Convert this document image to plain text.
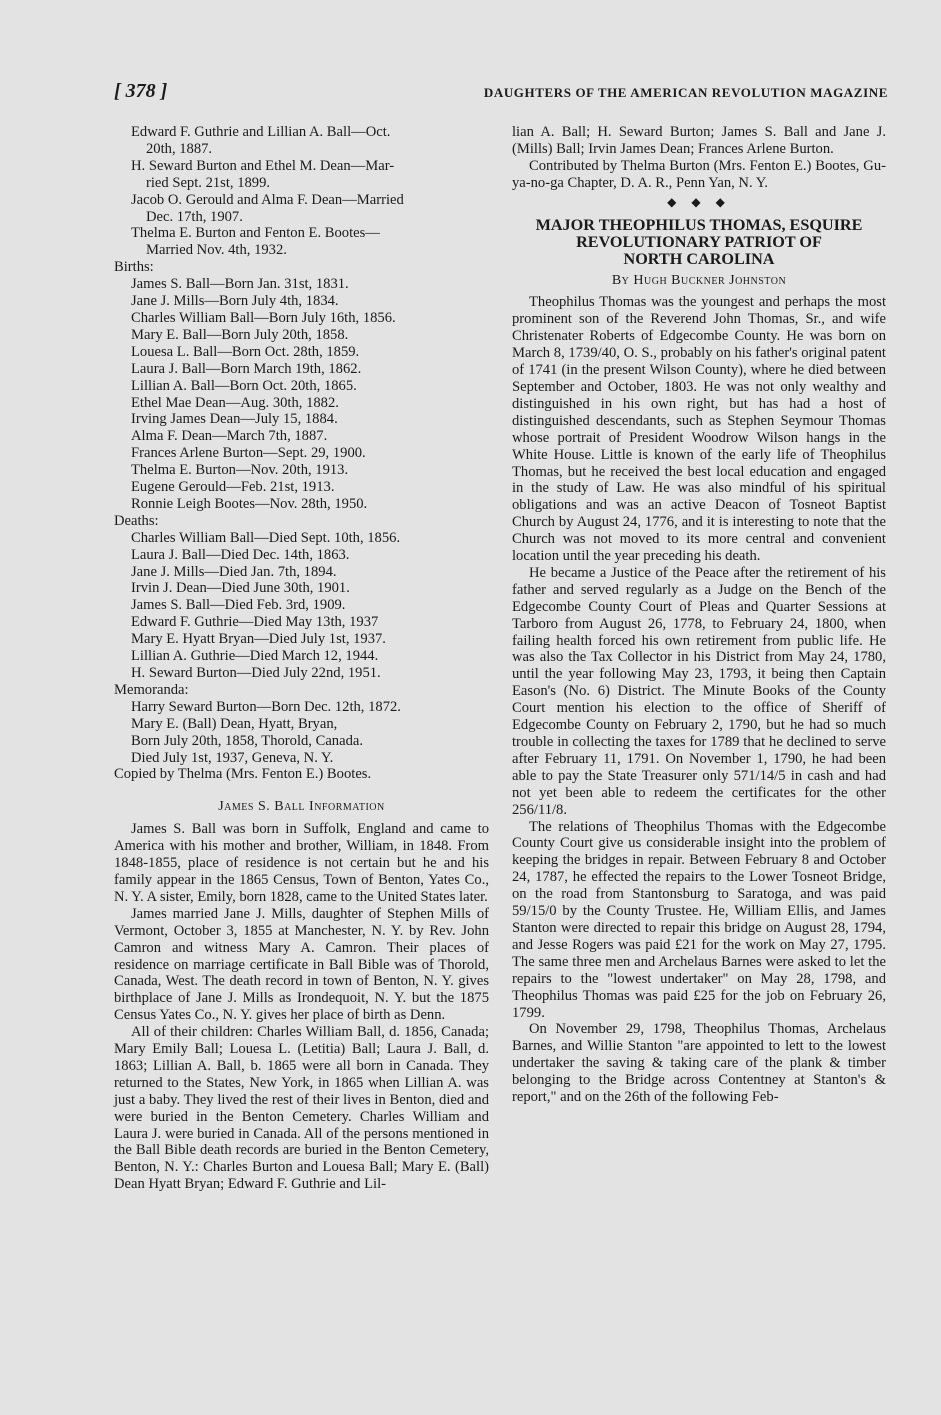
[ 378 ]	DAUGHTERS OF THE AMERICAN REVOLUTION MAGAZINE
Edward F. Guthrie and Lillian A. Ball—Oct.
20th, 1887.
H. Seward Burton and Ethel M. Dean—Mar-
ried Sept. 21st, 1899.
Jacob O. Gerould and Alma F. Dean—Married
Dec. 17th, 1907.
Thelma E. Burton and Fenton E. Bootes—
Married Nov. 4th, 1932.
Births:
James S. Ball—Born Jan. 31st, 1831.
Jane J. Mills—Born July 4th, 1834.
Charles William Ball—Born July 16th, 1856.
Mary E. Ball—Born July 20th, 1858.
Louesa L. Ball—Born Oct. 28th, 1859.
Laura J. Ball—Born March 19th, 1862.
Lillian A. Ball—Born Oct. 20th, 1865.
Ethel Mae Dean—Aug. 30th, 1882.
Irving James Dean—July 15, 1884.
Alma F. Dean—March 7th, 1887.
Frances Arlene Burton—Sept. 29, 1900.
Thelma E. Burton—Nov. 20th, 1913.
Eugene Gerould—Feb. 21st, 1913.
Ronnie Leigh Bootes—Nov. 28th, 1950.
Deaths:
Charles William Ball—Died Sept. 10th, 1856.
Laura J. Ball—Died Dec. 14th, 1863.
Jane J. Mills—Died Jan. 7th, 1894.
Irvin J. Dean—Died June 30th, 1901.
James S. Ball—Died Feb. 3rd, 1909.
Edward F. Guthrie—Died May 13th, 1937
Mary E. Hyatt Bryan—Died July 1st, 1937.
Lillian A. Guthrie—Died March 12, 1944.
H. Seward Burton—Died July 22nd, 1951.
Memoranda:
Harry Seward Burton—Born Dec. 12th, 1872.
Mary E. (Ball) Dean, Hyatt, Bryan,
Born July 20th, 1858, Thorold, Canada.
Died July 1st, 1937, Geneva, N. Y.
Copied by Thelma (Mrs. Fenton E.) Bootes.
James S. Ball Information

James S. Ball was born in Suffolk, England and came to America with his mother and brother, William, in 1848. From 1848-1855, place of residence is not certain but he and his family appear in the 1865 Census, Town of Benton, Yates Co., N. Y. A sister, Emily, born 1828, came to the United States later.

James married Jane J. Mills, daughter of Stephen Mills of Vermont, October 3, 1855 at Manchester, N. Y. by Rev. John Camron and witness Mary A. Camron. Their places of residence on marriage certificate in Ball Bible was of Thorold, Canada, West. The death record in town of Benton, N. Y. gives birthplace of Jane J. Mills as Irondequoit, N. Y. but the 1875 Census Yates Co., N. Y. gives her place of birth as Denn.

All of their children: Charles William Ball, d. 1856, Canada; Mary Emily Ball; Louesa L. (Letitia) Ball; Laura J. Ball, d. 1863; Lillian A. Ball, b. 1865 were all born in Canada. They returned to the States, New York, in 1865 when Lillian A. was just a baby. They lived the rest of their lives in Benton, died and were buried in the Benton Cemetery. Charles William and Laura J. were buried in Canada. All of the persons mentioned in the Ball Bible death records are buried in the Benton Cemetery, Benton, N. Y.: Charles Burton and Louesa Ball; Mary E. (Ball) Dean Hyatt Bryan; Edward F. Guthrie and Lil-

lian A. Ball; H. Seward Burton; James S. Ball and Jane J. (Mills) Ball; Irvin James Dean; Frances Arlene Burton.

Contributed by Thelma Burton (Mrs. Fenton E.) Bootes, Gu-ya-no-ga Chapter, D. A. R., Penn Yan, N. Y.

◆ ◆ ◆
MAJOR THEOPHILUS THOMAS, ESQUIRE
REVOLUTIONARY PATRIOT OF
NORTH CAROLINA
By Hugh Buckner Johnston

Theophilus Thomas was the youngest and perhaps the most prominent son of the Reverend John Thomas, Sr., and wife Christenater Roberts of Edgecombe County. He was born on March 8, 1739/40, O. S., probably on his father's original patent of 1741 (in the present Wilson County), where he died between September and October, 1803. He was not only wealthy and distinguished in his own right, but has had a host of distinguished descendants, such as Stephen Seymour Thomas whose portrait of President Woodrow Wilson hangs in the White House. Little is known of the early life of Theophilus Thomas, but he received the best local education and engaged in the study of Law. He was also mindful of his spiritual obligations and was an active Deacon of Tosneot Baptist Church by August 24, 1776, and it is interesting to note that the Church was not moved to its more central and convenient location until the year preceding his death.

He became a Justice of the Peace after the retirement of his father and served regularly as a Judge on the Bench of the Edgecombe County Court of Pleas and Quarter Sessions at Tarboro from August 26, 1778, to February 24, 1800, when failing health forced his own retirement from public life. He was also the Tax Collector in his District from May 24, 1780, until the year following May 23, 1793, it being then Captain Eason's (No. 6) District. The Minute Books of the County Court mention his election to the office of Sheriff of Edgecombe County on February 2, 1790, but he had so much trouble in collecting the taxes for 1789 that he declined to serve after February 11, 1791. On November 1, 1790, he had been able to pay the State Treasurer only 571/14/5 in cash and had not yet been able to redeem the certificates for the other 256/11/8.

The relations of Theophilus Thomas with the Edgecombe County Court give us considerable insight into the problem of keeping the bridges in repair. Between February 8 and October 24, 1787, he effected the repairs to the Lower Tosneot Bridge, on the road from Stantonsburg to Saratoga, and was paid 59/15/0 by the County Trustee. He, William Ellis, and James Stanton were directed to repair this bridge on August 28, 1794, and Jesse Rogers was paid £21 for the work on May 27, 1795. The same three men and Archelaus Barnes were asked to let the repairs to the "lowest undertaker" on May 28, 1798, and Theophilus Thomas was paid £25 for the job on February 26, 1799.

On November 29, 1798, Theophilus Thomas, Archelaus Barnes, and Willie Stanton "are appointed to lett to the lowest undertaker the saving & taking care of the plank & timber belonging to the Bridge across Contentney at Stanton's & report," and on the 26th of the following Feb-
